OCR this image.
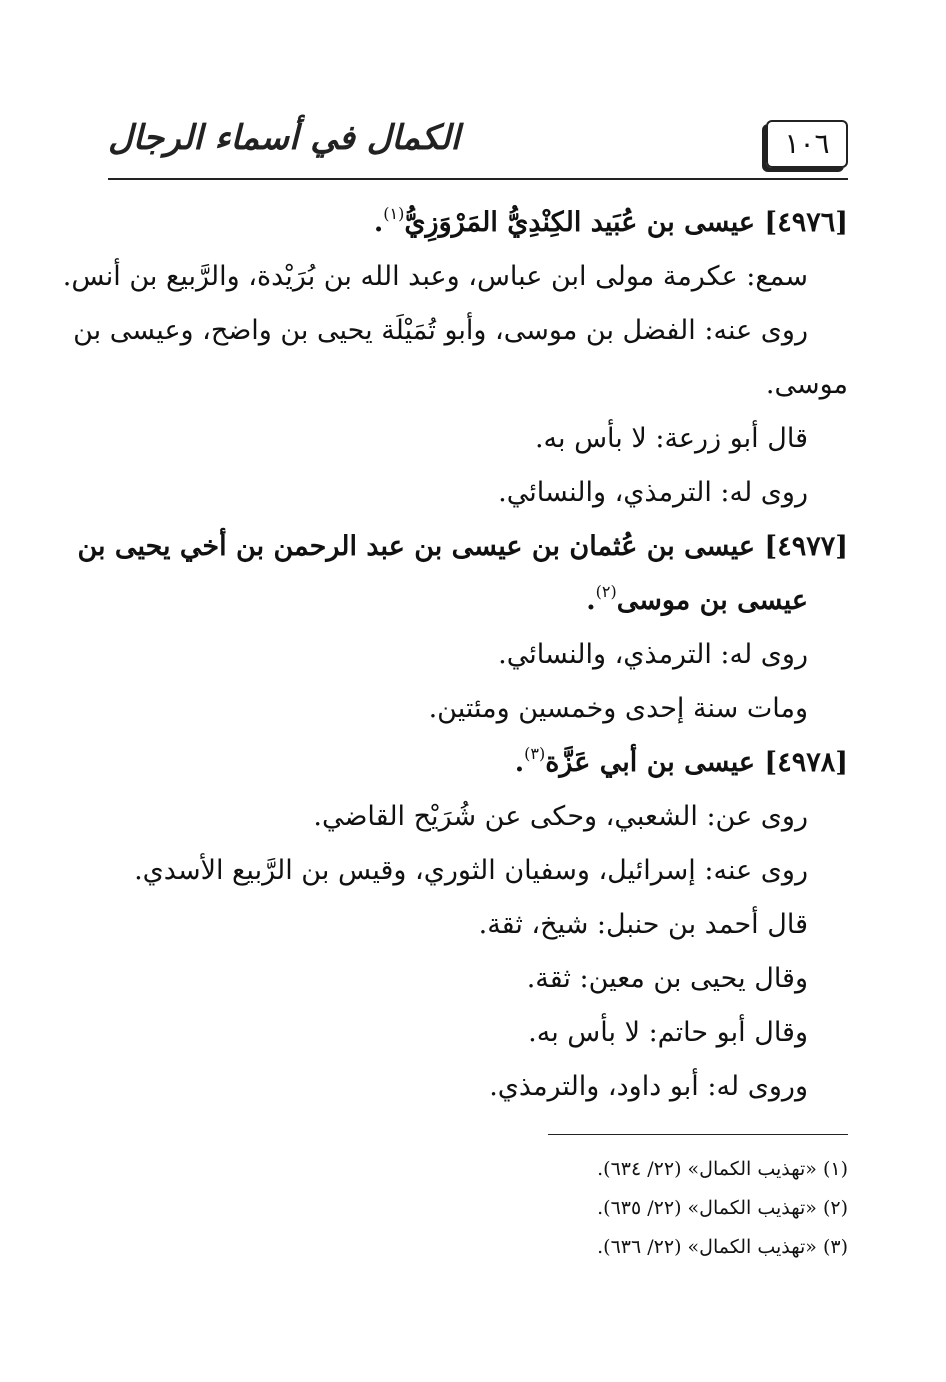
١٠٦
الكمال في أسماء الرجال
[٤٩٧٦] عيسى بن عُبَيد الكِنْدِيُّ المَرْوَزِيُّ$^{(١)}$.
سمع: عكرمة مولى ابن عباس، وعبد الله بن بُرَيْدة، والرَّبيع بن أنس.
روى عنه: الفضل بن موسى، وأبو تُمَيْلَة يحيى بن واضح، وعيسى بن
موسى.
قال أبو زرعة: لا بأس به.
روى له: الترمذي، والنسائي.
[٤٩٧٧] عيسى بن عُثمان بن عيسى بن عبد الرحمن بن أخي يحيى بن
عيسى بن موسى$^{(٢)}$.
روى له: الترمذي، والنسائي.
ومات سنة إحدى وخمسين ومئتين.
[٤٩٧٨] عيسى بن أبي عَزَّة$^{(٣)}$.
روى عن: الشعبي، وحكى عن شُرَيْح القاضي.
روى عنه: إسرائيل، وسفيان الثوري، وقيس بن الرَّبيع الأسدي.
قال أحمد بن حنبل: شيخ، ثقة.
وقال يحيى بن معين: ثقة.
وقال أبو حاتم: لا بأس به.
وروى له: أبو داود، والترمذي.
(١) «تهذيب الكمال» (٢٢/ ٦٣٤).
(٢) «تهذيب الكمال» (٢٢/ ٦٣٥).
(٣) «تهذيب الكمال» (٢٢/ ٦٣٦).
